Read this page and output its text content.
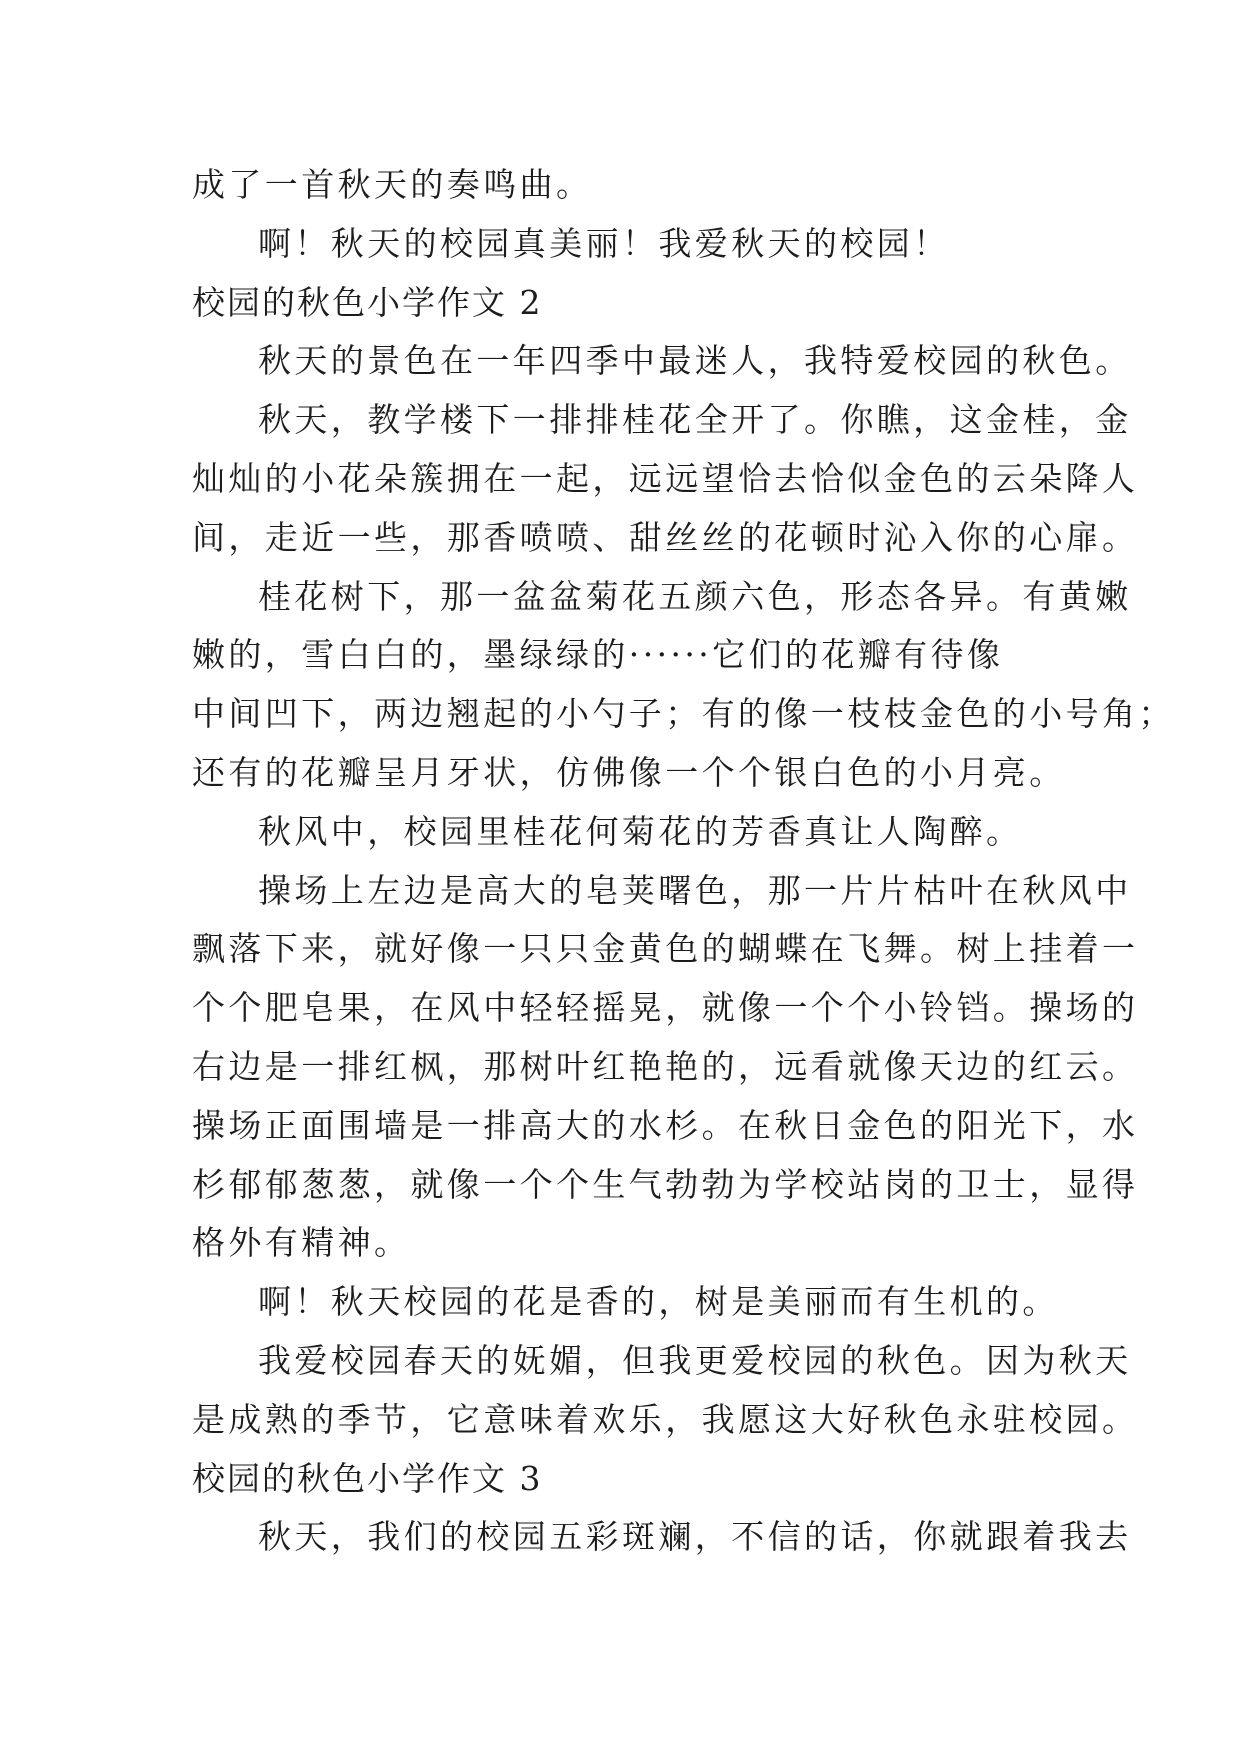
成了一首秋天的奏鸣曲。
啊！秋天的校园真美丽！我爱秋天的校园！
校园的秋色小学作文 2
秋天的景色在一年四季中最迷人，我特爱校园的秋色。
秋天，教学楼下一排排桂花全开了。你瞧，这金桂，金
灿灿的小花朵簇拥在一起，远远望恰去恰似金色的云朵降人
间，走近一些，那香喷喷、甜丝丝的花顿时沁入你的心扉。
桂花树下，那一盆盆菊花五颜六色，形态各异。有黄嫩
嫩的，雪白白的，墨绿绿的······它们的花瓣有待像
中间凹下，两边翘起的小勺子；有的像一枝枝金色的小号角；
还有的花瓣呈月牙状，仿佛像一个个银白色的小月亮。
秋风中，校园里桂花何菊花的芳香真让人陶醉。
操场上左边是高大的皂荚曙色，那一片片枯叶在秋风中
飘落下来，就好像一只只金黄色的蝴蝶在飞舞。树上挂着一
个个肥皂果，在风中轻轻摇晃，就像一个个小铃铛。操场的
右边是一排红枫，那树叶红艳艳的，远看就像天边的红云。
操场正面围墙是一排高大的水杉。在秋日金色的阳光下，水
杉郁郁葱葱，就像一个个生气勃勃为学校站岗的卫士，显得
格外有精神。
啊！秋天校园的花是香的，树是美丽而有生机的。
我爱校园春天的妩媚，但我更爱校园的秋色。因为秋天
是成熟的季节，它意味着欢乐，我愿这大好秋色永驻校园。
校园的秋色小学作文 3
秋天，我们的校园五彩斑斓，不信的话，你就跟着我去
